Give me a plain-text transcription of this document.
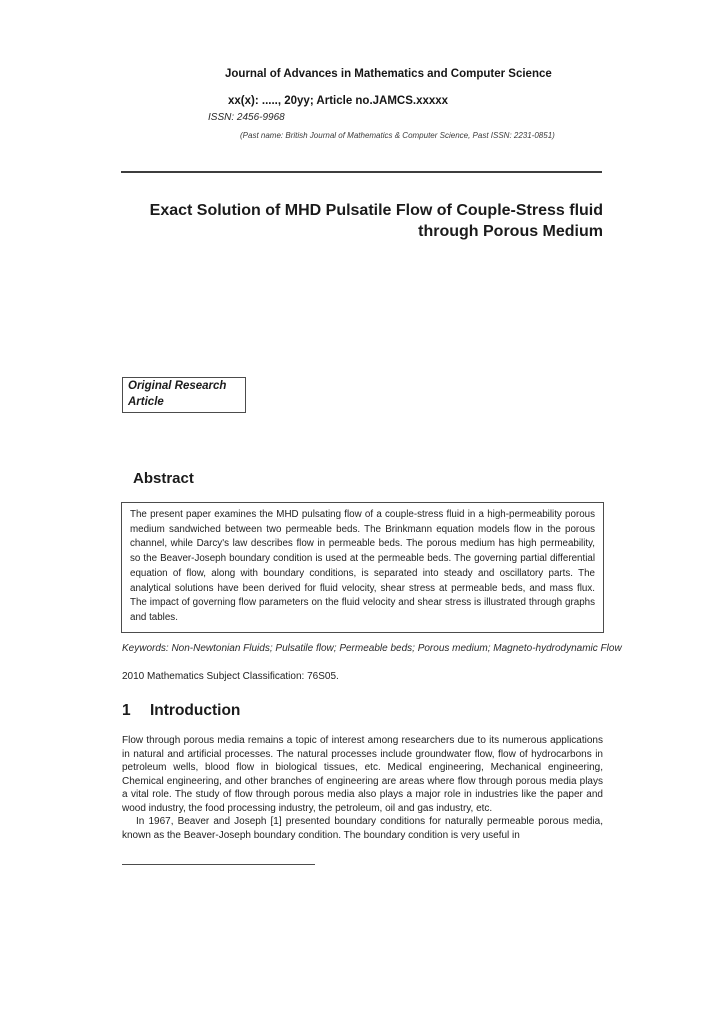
Journal of Advances in Mathematics and Computer Science
xx(x): ....., 20yy; Article no.JAMCS.xxxxx
ISSN: 2456-9968
(Past name: British Journal of Mathematics & Computer Science, Past ISSN: 2231-0851)
Exact Solution of MHD Pulsatile Flow of Couple-Stress fluid through Porous Medium
Original Research Article
Abstract
The present paper examines the MHD pulsating flow of a couple-stress fluid in a high-permeability porous medium sandwiched between two permeable beds. The Brinkmann equation models flow in the porous channel, while Darcy's law describes flow in permeable beds. The porous medium has high permeability, so the Beaver-Joseph boundary condition is used at the permeable beds. The governing partial differential equation of flow, along with boundary conditions, is separated into steady and oscillatory parts. The analytical solutions have been derived for fluid velocity, shear stress at permeable beds, and mass flux. The impact of governing flow parameters on the fluid velocity and shear stress is illustrated through graphs and tables.
Keywords: Non-Newtonian Fluids; Pulsatile flow; Permeable beds; Porous medium; Magneto-hydrodynamic Flow
2010 Mathematics Subject Classification: 76S05.
1 Introduction

Flow through porous media remains a topic of interest among researchers due to its numerous applications in natural and artificial processes. The natural processes include groundwater flow, flow of hydrocarbons in petroleum wells, blood flow in biological tissues, etc. Medical engineering, Mechanical engineering, Chemical engineering, and other branches of engineering are areas where flow through porous media plays a vital role. The study of flow through porous media also plays a major role in industries like the paper and wood industry, the food processing industry, the petroleum, oil and gas industry, etc.

In 1967, Beaver and Joseph [1] presented boundary conditions for naturally permeable porous media, known as the Beaver-Joseph boundary condition. The boundary condition is very useful in
